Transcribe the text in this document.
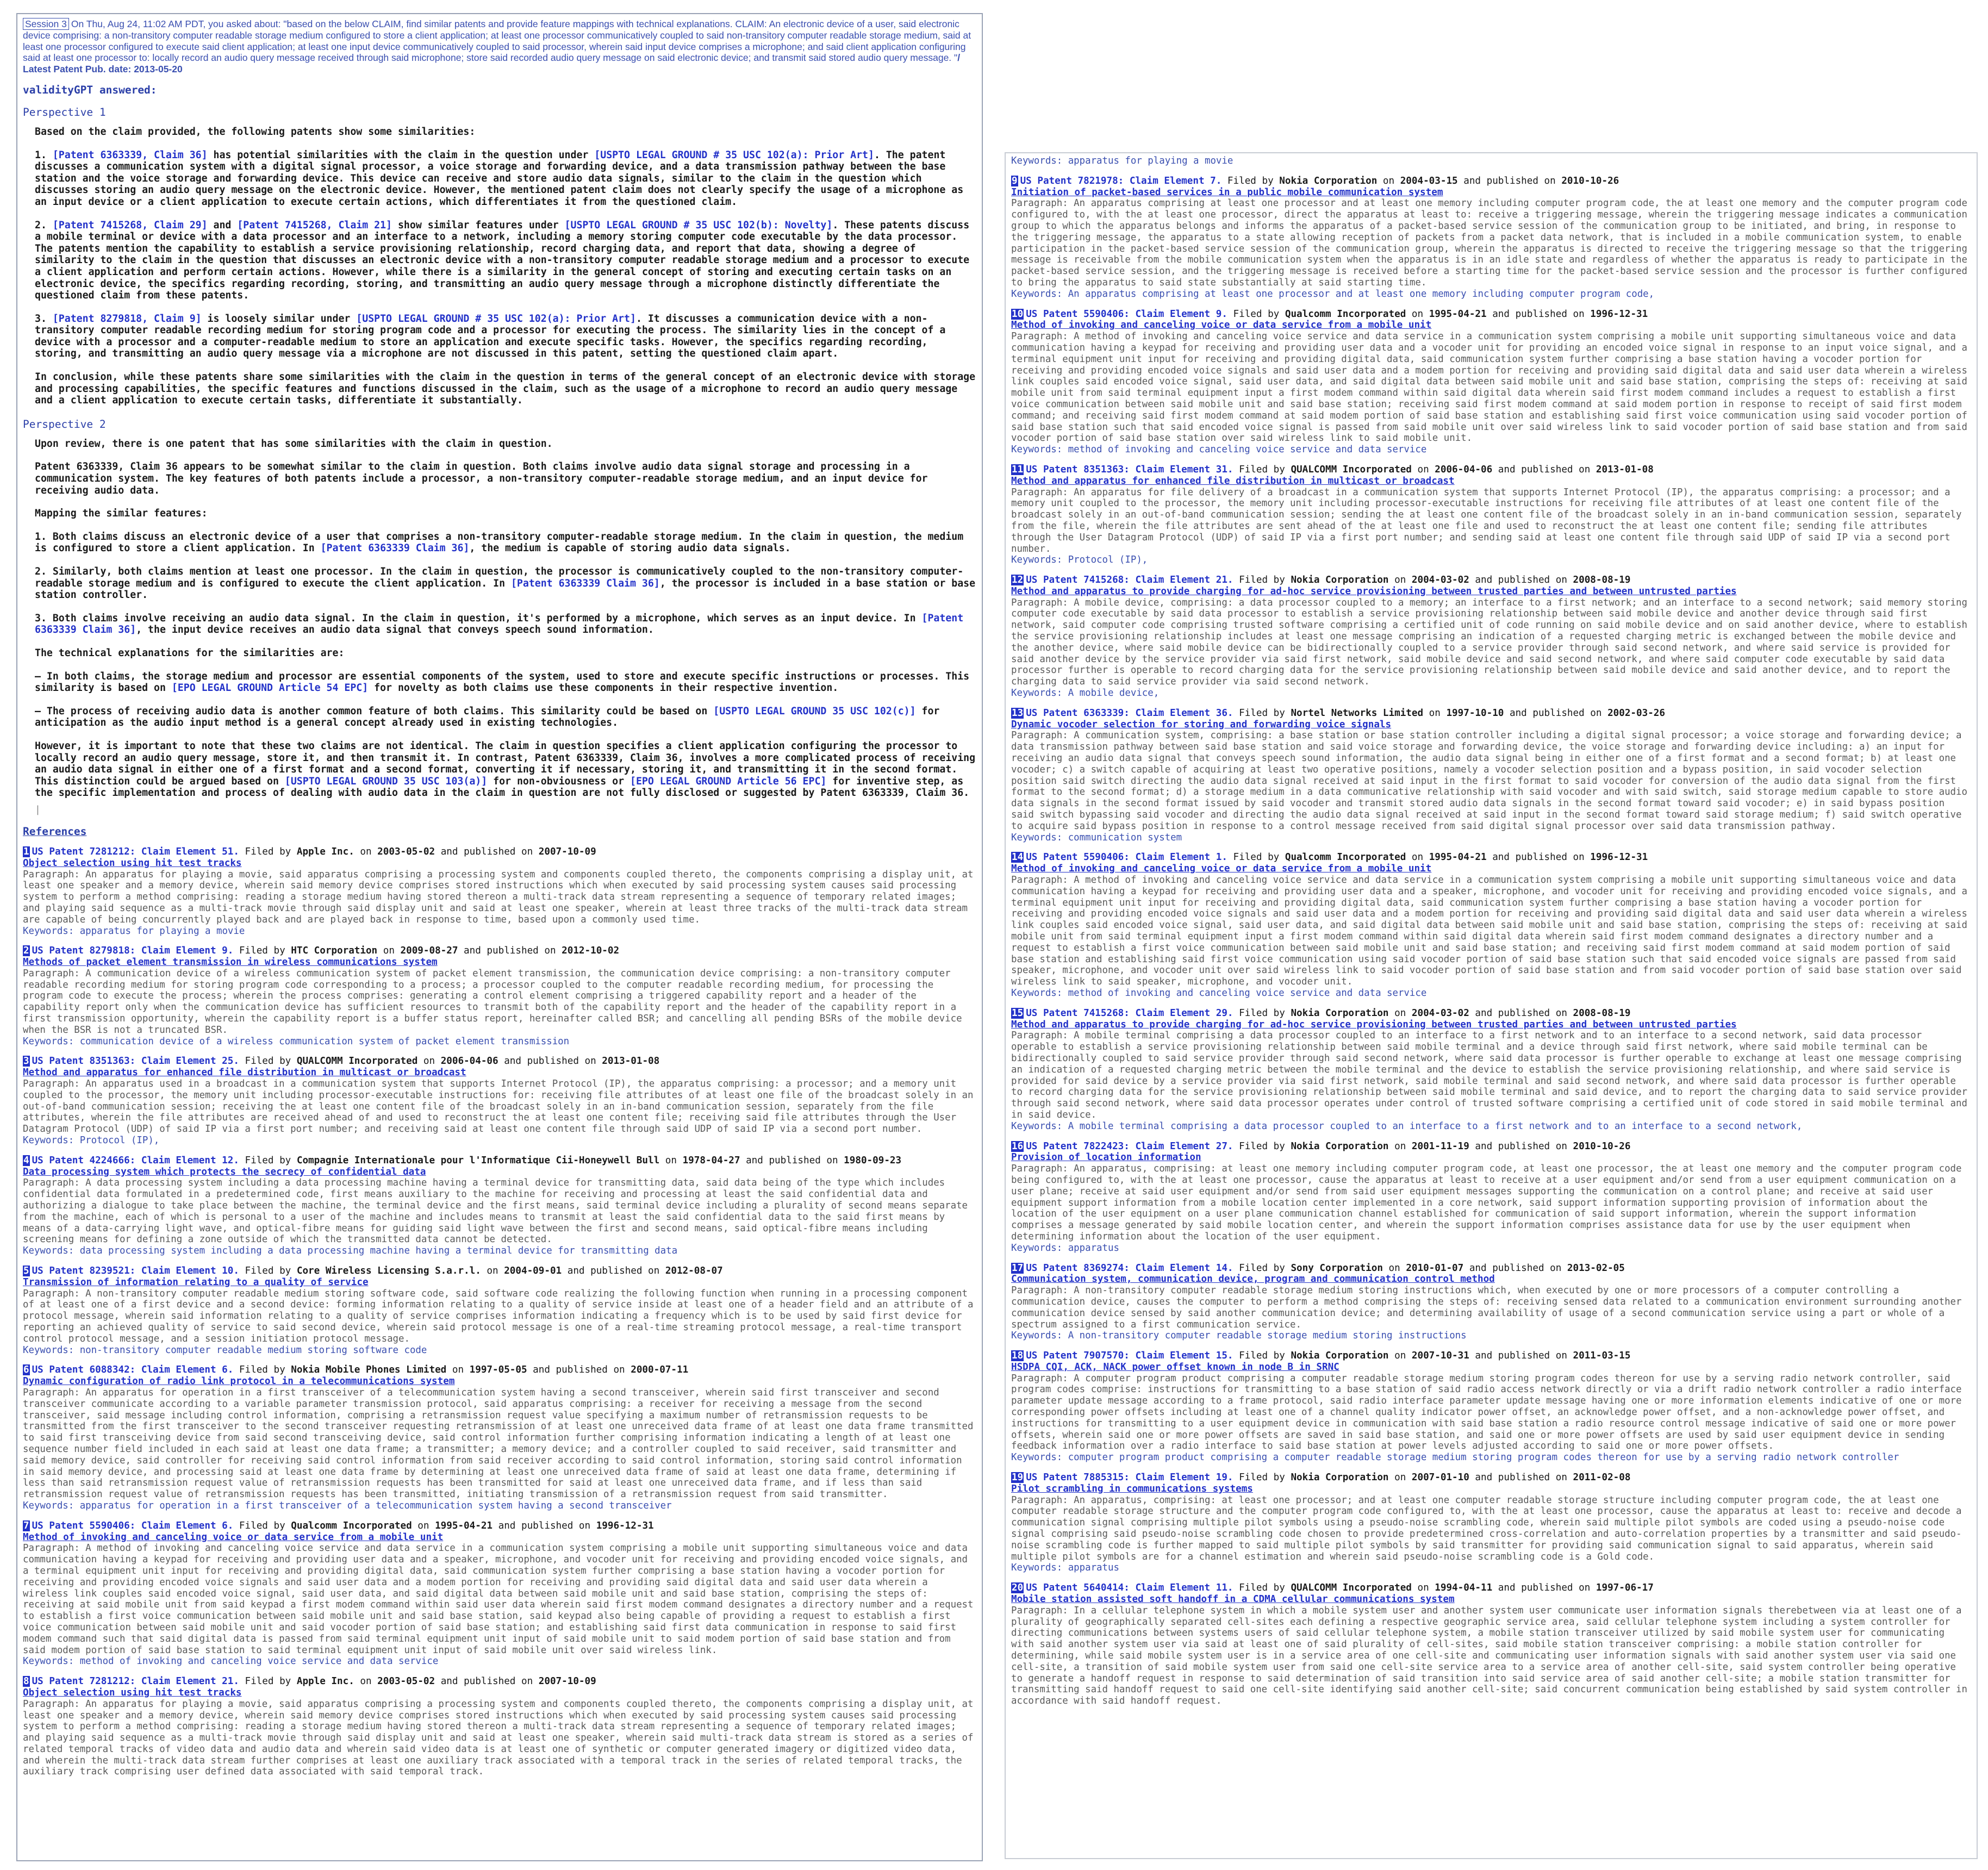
Session 3 On Thu, Aug 24, 11:02 AM PDT, you asked about: "based on the below CLAIM, find similar patents and provide feature mappings with technical explanations. CLAIM: An electronic device of a user, said electronic device comprising: a non-transitory computer readable storage medium configured to store a client application; at least one processor communicatively coupled to said non-transitory computer readable storage medium, said at least one processor configured to execute said client application; at least one input device communicatively coupled to said processor, wherein said input device comprises a microphone; and said client application configuring said at least one processor to: locally record an audio query message received through said microphone; store said recorded audio query message on said electronic device; and transmit said stored audio query message. "/ Latest Patent Pub. date: 2013-05-20
validityGPT answered:
Perspective 1
Based on the claim provided, the following patents show some similarities:
1. [Patent 6363339, Claim 36] has potential similarities with the claim in the question under [USPTO LEGAL GROUND # 35 USC 102(a): Prior Art]. The patent discusses a communication system with a digital signal processor, a voice storage and forwarding device, and a data transmission pathway between the base station and the voice storage and forwarding device. This device can receive and store audio data signals, similar to the claim in the question which discusses storing an audio query message on the electronic device. However, the mentioned patent claim does not clearly specify the usage of a microphone as an input device or a client application to execute certain actions, which differentiates it from the questioned claim.
2. [Patent 7415268, Claim 29] and [Patent 7415268, Claim 21] show similar features under [USPTO LEGAL GROUND # 35 USC 102(b): Novelty]. These patents discuss a mobile terminal or device with a data processor and an interface to a network, including a memory storing computer code executable by the data processor. The patents mention the capability to establish a service provisioning relationship, record charging data, and report that data, showing a degree of similarity to the claim in the question that discusses an electronic device with a non-transitory computer readable storage medium and a processor to execute a client application and perform certain actions. However, while there is a similarity in the general concept of storing and executing certain tasks on an electronic device, the specifics regarding recording, storing, and transmitting an audio query message through a microphone distinctly differentiate the questioned claim from these patents.
3. [Patent 8279818, Claim 9] is loosely similar under [USPTO LEGAL GROUND # 35 USC 102(a): Prior Art]. It discusses a communication device with a non-transitory computer readable recording medium for storing program code and a processor for executing the process. The similarity lies in the concept of a device with a processor and a computer-readable medium to store an application and execute specific tasks. However, the specifics regarding recording, storing, and transmitting an audio query message via a microphone are not discussed in this patent, setting the questioned claim apart.
In conclusion, while these patents share some similarities with the claim in the question in terms of the general concept of an electronic device with storage and processing capabilities, the specific features and functions discussed in the claim, such as the usage of a microphone to record an audio query message and a client application to execute certain tasks, differentiate it substantially.
Perspective 2
Upon review, there is one patent that has some similarities with the claim in question.
Patent 6363339, Claim 36 appears to be somewhat similar to the claim in question. Both claims involve audio data signal storage and processing in a communication system. The key features of both patents include a processor, a non-transitory computer-readable storage medium, and an input device for receiving audio data.
Mapping the similar features:
1. Both claims discuss an electronic device of a user that comprises a non-transitory computer-readable storage medium. In the claim in question, the medium is configured to store a client application. In [Patent 6363339 Claim 36], the medium is capable of storing audio data signals.
2. Similarly, both claims mention at least one processor. In the claim in question, the processor is communicatively coupled to the non-transitory computer-readable storage medium and is configured to execute the client application. In [Patent 6363339 Claim 36], the processor is included in a base station or base station controller.
3. Both claims involve receiving an audio data signal. In the claim in question, it's performed by a microphone, which serves as an input device. In [Patent 6363339 Claim 36], the input device receives an audio data signal that conveys speech sound information.
The technical explanations for the similarities are:
– In both claims, the storage medium and processor are essential components of the system, used to store and execute specific instructions or processes. This similarity is based on [EPO LEGAL GROUND Article 54 EPC] for novelty as both claims use these components in their respective invention.
– The process of receiving audio data is another common feature of both claims. This similarity could be based on [USPTO LEGAL GROUND 35 USC 102(c)] for anticipation as the audio input method is a general concept already used in existing technologies.
However, it is important to note that these two claims are not identical. The claim in question specifies a client application configuring the processor to locally record an audio query message, store it, and then transmit it. In contrast, Patent 6363339, Claim 36, involves a more complicated process of receiving an audio data signal in either one of a first format and a second format, converting it if necessary, storing it, and transmitting it in the second format. This distinction could be argued based on [USPTO LEGAL GROUND 35 USC 103(a)] for non-obviousness or [EPO LEGAL GROUND Article 56 EPC] for inventive step, as the specific implementation and process of dealing with audio data in the claim in question are not fully disclosed or suggested by Patent 6363339, Claim 36.
|
References
1 US Patent 7281212: Claim Element 51. Filed by Apple Inc. on 2003-05-02 and published on 2007-10-09
Object selection using hit test tracks
Paragraph: An apparatus for playing a movie, said apparatus comprising a processing system and components coupled thereto, the components comprising a display unit, at least one speaker and a memory device, wherein said memory device comprises stored instructions which when executed by said processing system causes said processing system to perform a method comprising: reading a storage medium having stored thereon a multi-track data stream representing a sequence of temporary related images; and playing said sequence as a multi-track movie through said display unit and said at least one speaker, wherein at least three tracks of the multi-track data stream are capable of being concurrently played back and are played back in response to time, based upon a commonly used time.
Keywords: apparatus for playing a movie
2 US Patent 8279818: Claim Element 9. Filed by HTC Corporation on 2009-08-27 and published on 2012-10-02
Methods of packet element transmission in wireless communications system
Paragraph: A communication device of a wireless communication system of packet element transmission, the communication device comprising: a non-transitory computer readable recording medium for storing program code corresponding to a process; a processor coupled to the computer readable recording medium, for processing the program code to execute the process; wherein the process comprises: generating a control element comprising a triggered capability report and a header of the capability report only when the communication device has sufficient resources to transmit both of the capability report and the header of the capability report in a first transmission opportunity, wherein the capability report is a buffer status report, hereinafter called BSR; and cancelling all pending BSRs of the mobile device when the BSR is not a truncated BSR.
Keywords: communication device of a wireless communication system of packet element transmission
3 US Patent 8351363: Claim Element 25. Filed by QUALCOMM Incorporated on 2006-04-06 and published on 2013-01-08
Method and apparatus for enhanced file distribution in multicast or broadcast
Paragraph: An apparatus used in a broadcast in a communication system that supports Internet Protocol (IP), the apparatus comprising: a processor; and a memory unit coupled to the processor, the memory unit including processor-executable instructions for: receiving file attributes of at least one file of the broadcast solely in an out-of-band communication session; receiving the at least one content file of the broadcast solely in an in-band communication session, separately from the file attributes, wherein the file attributes are received ahead of and used to reconstruct the at least one content file; receiving said file attributes through the User Datagram Protocol (UDP) of said IP via a first port number; and receiving said at least one content file through said UDP of said IP via a second port number.
Keywords: Protocol (IP),
4 US Patent 4224666: Claim Element 12. Filed by Compagnie Internationale pour l'Informatique Cii-Honeywell Bull on 1978-04-27 and published on 1980-09-23
Data processing system which protects the secrecy of confidential data
Paragraph: A data processing system including a data processing machine having a terminal device for transmitting data, said data being of the type which includes confidential data formulated in a predetermined code, first means auxiliary to the machine for receiving and processing at least the said confidential data and authorizing a dialogue to take place between the machine, the terminal device and the first means, said terminal device including a plurality of second means separate from the machine, each of which is personal to a user of the machine and includes means to transmit at least the said confidential data to the said first means by means of a data-carrying light wave, and optical-fibre means for guiding said light wave between the first and second means, said optical-fibre means including screening means for defining a zone outside of which the transmitted data cannot be detected.
Keywords: data processing system including a data processing machine having a terminal device for transmitting data
5 US Patent 8239521: Claim Element 10. Filed by Core Wireless Licensing S.a.r.l. on 2004-09-01 and published on 2012-08-07
Transmission of information relating to a quality of service
Paragraph: A non-transitory computer readable medium storing software code, said software code realizing the following function when running in a processing component of at least one of a first device and a second device: forming information relating to a quality of service inside at least one of a header field and an attribute of a protocol message, wherein said information relating to a quality of service comprises information indicating a frequency which is to be used by said first device for reporting an achieved quality of service to said second device, wherein said protocol message is one of a real-time streaming protocol message, a real-time transport control protocol message, and a session initiation protocol message.
Keywords: non-transitory computer readable medium storing software code
6 US Patent 6088342: Claim Element 6. Filed by Nokia Mobile Phones Limited on 1997-05-05 and published on 2000-07-11
Dynamic configuration of radio link protocol in a telecommunications system
Paragraph: An apparatus for operation in a first transceiver of a telecommunication system having a second transceiver, wherein said first transceiver and second transceiver communicate according to a variable parameter transmission protocol, said apparatus comprising: a receiver for receiving a message from the second transceiver, said message including control information, comprising a retransmission request value specifying a maximum number of retransmission requests to be transmitted from the first transceiver to the second transceiver requesting retransmission of at least one unreceived data frame of at least one data frame transmitted to said first transceiving device from said second transceiving device, said control information further comprising information indicating a length of at least one sequence number field included in each said at least one data frame; a transmitter; a memory device; and a controller coupled to said receiver, said transmitter and said memory device, said controller for receiving said control information from said receiver according to said control information, storing said control information in said memory device, and processing said at least one data frame by determining at least one unreceived data frame of said at least one data frame, determining if less than said retransmission request value of retransmission requests has been transmitted for said at least one unreceived data frame, and if less than said retransmission request value of retransmission requests has been transmitted, initiating transmission of a retransmission request from said transmitter.
Keywords: apparatus for operation in a first transceiver of a telecommunication system having a second transceiver
7 US Patent 5590406: Claim Element 6. Filed by Qualcomm Incorporated on 1995-04-21 and published on 1996-12-31
Method of invoking and canceling voice or data service from a mobile unit
Paragraph: A method of invoking and canceling voice service and data service in a communication system comprising a mobile unit supporting simultaneous voice and data communication having a keypad for receiving and providing user data and a speaker, microphone, and vocoder unit for receiving and providing encoded voice signals, and a terminal equipment unit input for receiving and providing digital data, said communication system further comprising a base station having a vocoder portion for receiving and providing encoded voice signals and said user data and a modem portion for receiving and providing said digital data and said user data wherein a wireless link couples said encoded voice signal, said user data, and said digital data between said mobile unit and said base station, comprising the steps of: receiving at said mobile unit from said keypad a first modem command within said user data wherein said first modem command designates a directory number and a request to establish a first voice communication between said mobile unit and said base station, said keypad also being capable of providing a request to establish a first voice communication between said mobile unit and said vocoder portion of said base station; and establishing said first data communication in response to said first modem command such that said digital data is passed from said terminal equipment unit input of said mobile unit to said modem portion of said base station and from said modem portion of said base station to said terminal equipment unit input of said mobile unit over said wireless link.
Keywords: method of invoking and canceling voice service and data service
8 US Patent 7281212: Claim Element 21. Filed by Apple Inc. on 2003-05-02 and published on 2007-10-09
Object selection using hit test tracks
Paragraph: An apparatus for playing a movie, said apparatus comprising a processing system and components coupled thereto, the components comprising a display unit, at least one speaker and a memory device, wherein said memory device comprises stored instructions which when executed by said processing system causes said processing system to perform a method comprising: reading a storage medium having stored thereon a multi-track data stream representing a sequence of temporary related images; and playing said sequence as a multi-track movie through said display unit and said at least one speaker, wherein said multi-track data stream is stored as a series of related temporal tracks of video data and audio data and wherein said video data is at least one of synthetic or computer generated imagery or digitized video data, and wherein the multi-track data stream further comprises at least one auxiliary track associated with a temporal track in the series of related temporal tracks, the auxiliary track comprising user defined data associated with said temporal track.
Keywords: apparatus for playing a movie
9 US Patent 7821978: Claim Element 7. Filed by Nokia Corporation on 2004-03-15 and published on 2010-10-26
Initiation of packet-based services in a public mobile communication system
Paragraph: An apparatus comprising at least one processor and at least one memory including computer program code, the at least one memory and the computer program code configured to, with the at least one processor, direct the apparatus at least to: receive a triggering message, wherein the triggering message indicates a communication group to which the apparatus belongs and informs the apparatus of a packet-based service session of the communication group to be initiated, and bring, in response to the triggering message, the apparatus to a state allowing reception of packets from a packet data network, that is included in a mobile communication system, to enable participation in the packet-based service session of the communication group, wherein the apparatus is directed to receive the triggering message so that the triggering message is receivable from the mobile communication system when the apparatus is in an idle state and regardless of whether the apparatus is ready to participate in the packet-based service session, and the triggering message is received before a starting time for the packet-based service session and the processor is further configured to bring the apparatus to said state substantially at said starting time.
Keywords: An apparatus comprising at least one processor and at least one memory including computer program code,
10 US Patent 5590406: Claim Element 9. Filed by Qualcomm Incorporated on 1995-04-21 and published on 1996-12-31
Method of invoking and canceling voice or data service from a mobile unit
Paragraph: A method of invoking and canceling voice service and data service in a communication system comprising a mobile unit supporting simultaneous voice and data communication having a keypad for receiving and providing user data and a vocoder unit for providing an encoded voice signal in response to an input voice signal, and a terminal equipment unit input for receiving and providing digital data, said communication system further comprising a base station having a vocoder portion for receiving and providing encoded voice signals and said user data and a modem portion for receiving and providing said digital data and said user data wherein a wireless link couples said encoded voice signal, said user data, and said digital data between said mobile unit and said base station, comprising the steps of: receiving at said mobile unit from said terminal equipment input a first modem command within said digital data wherein said first modem command includes a request to establish a first voice communication between said mobile unit and said base station; receiving said first modem command at said modem portion in response to receipt of said first modem command; and receiving said first modem command at said modem portion of said base station and establishing said first voice communication using said vocoder portion of said base station such that said encoded voice signal is passed from said mobile unit over said wireless link to said vocoder portion of said base station and from said vocoder portion of said base station over said wireless link to said mobile unit.
Keywords: method of invoking and canceling voice service and data service
11 US Patent 8351363: Claim Element 31. Filed by QUALCOMM Incorporated on 2006-04-06 and published on 2013-01-08
Method and apparatus for enhanced file distribution in multicast or broadcast
Paragraph: An apparatus for file delivery of a broadcast in a communication system that supports Internet Protocol (IP), the apparatus comprising: a processor; and a memory unit coupled to the processor, the memory unit including processor-executable instructions for receiving file attributes of at least one content file of the broadcast solely in an out-of-band communication session; sending the at least one content file of the broadcast solely in an in-band communication session, separately from the file, wherein the file attributes are sent ahead of the at least one file and used to reconstruct the at least one content file; sending file attributes through the User Datagram Protocol (UDP) of said IP via a first port number; and sending said at least one content file through said UDP of said IP via a second port number.
Keywords: Protocol (IP),
12 US Patent 7415268: Claim Element 21. Filed by Nokia Corporation on 2004-03-02 and published on 2008-08-19
Method and apparatus to provide charging for ad-hoc service provisioning between trusted parties and between untrusted parties
Paragraph: A mobile device, comprising: a data processor coupled to a memory; an interface to a first network; and an interface to a second network; said memory storing computer code executable by said data processor to establish a service provisioning relationship between said mobile device and another device through said first network, said computer code comprising trusted software comprising a certified unit of code running on said mobile device and on said another device, where to establish the service provisioning relationship includes at least one message comprising an indication of a requested charging metric is exchanged between the mobile device and the another device, where said mobile device can be bidirectionally coupled to a service provider through said second network, and where said service is provided for said another device by the service provider via said first network, said mobile device and said second network, and where said computer code executable by said data processor further is operable to record charging data for the service provisioning relationship between said mobile device and said another device, and to report the charging data to said service provider via said second network.
Keywords: A mobile device,
13 US Patent 6363339: Claim Element 36. Filed by Nortel Networks Limited on 1997-10-10 and published on 2002-03-26
Dynamic vocoder selection for storing and forwarding voice signals
Paragraph: A communication system, comprising: a base station or base station controller including a digital signal processor; a voice storage and forwarding device; a data transmission pathway between said base station and said voice storage and forwarding device, the voice storage and forwarding device including: a) an input for receiving an audio data signal that conveys speech sound information, the audio data signal being in either one of a first format and a second format; b) at least one vocoder; c) a switch capable of acquiring at least two operative positions, namely a vocoder selection position and a bypass position, in said vocoder selection position said switch directing the audio data signal received at said input in the first format to said vocoder for conversion of the audio data signal from the first format to the second format; d) a storage medium in a data communicative relationship with said vocoder and with said switch, said storage medium capable to store audio data signals in the second format issued by said vocoder and transmit stored audio data signals in the second format toward said vocoder; e) in said bypass position said switch bypassing said vocoder and directing the audio data signal received at said input in the second format toward said storage medium; f) said switch operative to acquire said bypass position in response to a control message received from said digital signal processor over said data transmission pathway.
Keywords: communication system
14 US Patent 5590406: Claim Element 1. Filed by Qualcomm Incorporated on 1995-04-21 and published on 1996-12-31
Method of invoking and canceling voice or data service from a mobile unit
Paragraph: A method of invoking and canceling voice service and data service in a communication system comprising a mobile unit supporting simultaneous voice and data communication having a keypad for receiving and providing user data and a speaker, microphone, and vocoder unit for receiving and providing encoded voice signals, and a terminal equipment unit input for receiving and providing digital data, said communication system further comprising a base station having a vocoder portion for receiving and providing encoded voice signals and said user data and a modem portion for receiving and providing said digital data and said user data wherein a wireless link couples said encoded voice signal, said user data, and said digital data between said mobile unit and said base station, comprising the steps of: receiving at said mobile unit from said terminal equipment input a first modem command within said digital data wherein said first modem command designates a directory number and a request to establish a first voice communication between said mobile unit and said base station; and receiving said first modem command at said modem portion of said base station and establishing said first voice communication using said vocoder portion of said base station such that said encoded voice signals are passed from said speaker, microphone, and vocoder unit over said wireless link to said vocoder portion of said base station and from said vocoder portion of said base station over said wireless link to said speaker, microphone, and vocoder unit.
Keywords: method of invoking and canceling voice service and data service
15 US Patent 7415268: Claim Element 29. Filed by Nokia Corporation on 2004-03-02 and published on 2008-08-19
Method and apparatus to provide charging for ad-hoc service provisioning between trusted parties and between untrusted parties
Paragraph: A mobile terminal comprising a data processor coupled to an interface to a first network and to an interface to a second network, said data processor operable to establish a service provisioning relationship between said mobile terminal and a device through said first network, where said mobile terminal can be bidirectionally coupled to said service provider through said second network, where said data processor is further operable to exchange at least one message comprising an indication of a requested charging metric between the mobile terminal and the device to establish the service provisioning relationship, and where said service is provided for said device by a service provider via said first network, said mobile terminal and said second network, and where said data processor is further operable to record charging data for the service provisioning relationship between said mobile terminal and said device, and to report the charging data to said service provider through said second network, where said data processor operates under control of trusted software comprising a certified unit of code stored in said mobile terminal and in said device.
Keywords: A mobile terminal comprising a data processor coupled to an interface to a first network and to an interface to a second network,
16 US Patent 7822423: Claim Element 27. Filed by Nokia Corporation on 2001-11-19 and published on 2010-10-26
Provision of location information
Paragraph: An apparatus, comprising: at least one memory including computer program code, at least one processor, the at least one memory and the computer program code being configured to, with the at least one processor, cause the apparatus at least to receive at a user equipment and/or send from a user equipment communication on a user plane; receive at said user equipment and/or send from said user equipment messages supporting the communication on a control plane; and receive at said user equipment support information from a mobile location center implemented in a core network, said support information supporting provision of information about the location of the user equipment on a user plane communication channel established for communication of said support information, wherein the support information comprises a message generated by said mobile location center, and wherein the support information comprises assistance data for use by the user equipment when determining information about the location of the user equipment.
Keywords: apparatus
17 US Patent 8369274: Claim Element 14. Filed by Sony Corporation on 2010-01-07 and published on 2013-02-05
Communication system, communication device, program and communication control method
Paragraph: A non-transitory computer readable storage medium storing instructions which, when executed by one or more processors of a computer controlling a communication device, causes the computer to perform a method comprising the steps of: receiving sensed data related to a communication environment surrounding another communication device sensed by said another communication device; and determining availability of usage of a second communication service using a part or whole of a spectrum assigned to a first communication service.
Keywords: A non-transitory computer readable storage medium storing instructions
18 US Patent 7907570: Claim Element 15. Filed by Nokia Corporation on 2007-10-31 and published on 2011-03-15
HSDPA CQI, ACK, NACK power offset known in node B in SRNC
Paragraph: A computer program product comprising a computer readable storage medium storing program codes thereon for use by a serving radio network controller, said program codes comprise: instructions for transmitting to a base station of said radio access network directly or via a drift radio network controller a radio interface parameter update message according to a frame protocol, said radio interface parameter update message having one or more information elements indicative of one or more corresponding power offsets including at least one of a channel quality indicator power offset, an acknowledge power offset, and a non-acknowledge power offset, and instructions for transmitting to a user equipment device in communication with said base station a radio resource control message indicative of said one or more power offsets, wherein said one or more power offsets are saved in said base station, and said one or more power offsets are used by said user equipment device in sending feedback information over a radio interface to said base station at power levels adjusted according to said one or more power offsets.
Keywords: computer program product comprising a computer readable storage medium storing program codes thereon for use by a serving radio network controller
19 US Patent 7885315: Claim Element 19. Filed by Nokia Corporation on 2007-01-10 and published on 2011-02-08
Pilot scrambling in communications systems
Paragraph: An apparatus, comprising: at least one processor; and at least one computer readable storage structure including computer program code, the at least one computer readable storage structure and the computer program code configured to, with the at least one processor, cause the apparatus at least to: receive and decode a communication signal comprising multiple pilot symbols using a pseudo-noise scrambling code, wherein said multiple pilot symbols are coded using a pseudo-noise code signal comprising said pseudo-noise scrambling code chosen to provide predetermined cross-correlation and auto-correlation properties by a transmitter and said pseudo-noise scrambling code is further mapped to said multiple pilot symbols by said transmitter for providing said communication signal to said apparatus, wherein said multiple pilot symbols are for a channel estimation and wherein said pseudo-noise scrambling code is a Gold code.
Keywords: apparatus
20 US Patent 5640414: Claim Element 11. Filed by QUALCOMM Incorporated on 1994-04-11 and published on 1997-06-17
Mobile station assisted soft handoff in a CDMA cellular communications system
Paragraph: In a cellular telephone system in which a mobile system user and another system user communicate user information signals therebetween via at least one of a plurality of geographically separated cell-sites each defining a respective geographic service area, said cellular telephone system including a system controller for directing communications between systems users of said cellular telephone system, a mobile station transceiver utilized by said mobile system user for communicating with said another system user via said at least one of said plurality of cell-sites, said mobile station transceiver comprising: a mobile station controller for determining, while said mobile system user is in a service area of one cell-site and communicating user information signals with said another system user via said one cell-site, a transition of said mobile system user from said one cell-site service area to a service area of another cell-site, said system controller being operative to generate a handoff request in response to said determination of said transition into said service area of said another cell-site; a mobile station transmitter for transmitting said handoff request to said one cell-site identifying said another cell-site; said concurrent communication being established by said system controller in accordance with said handoff request.
